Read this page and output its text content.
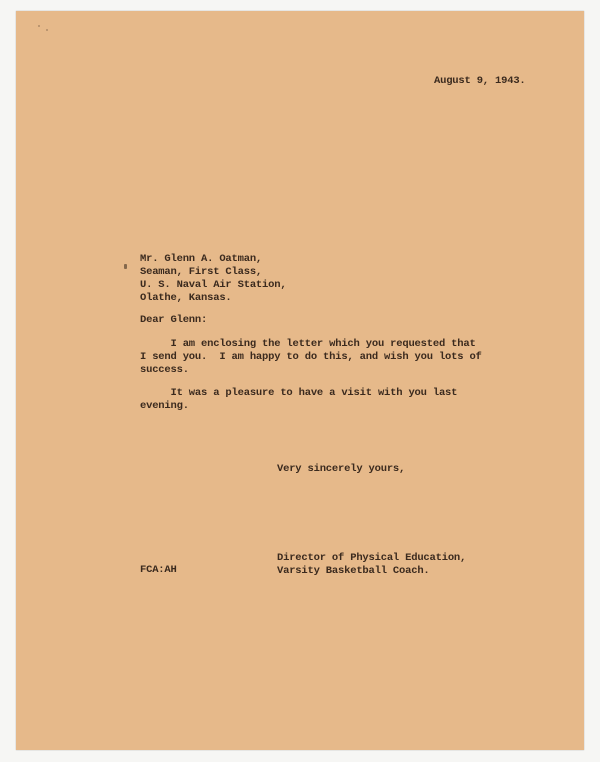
August 9, 1943.

Mr. Glenn A. Oatman,
Seaman, First Class,
U. S. Naval Air Station,
Olathe, Kansas.

Dear Glenn:

I am enclosing the letter which you requested that
I send you.  I am happy to do this, and wish you lots of
success.
It was a pleasure to have a visit with you last
evening.

Very sincerely yours,

Director of Physical Education,
Varsity Basketball Coach.

FCA:AH
